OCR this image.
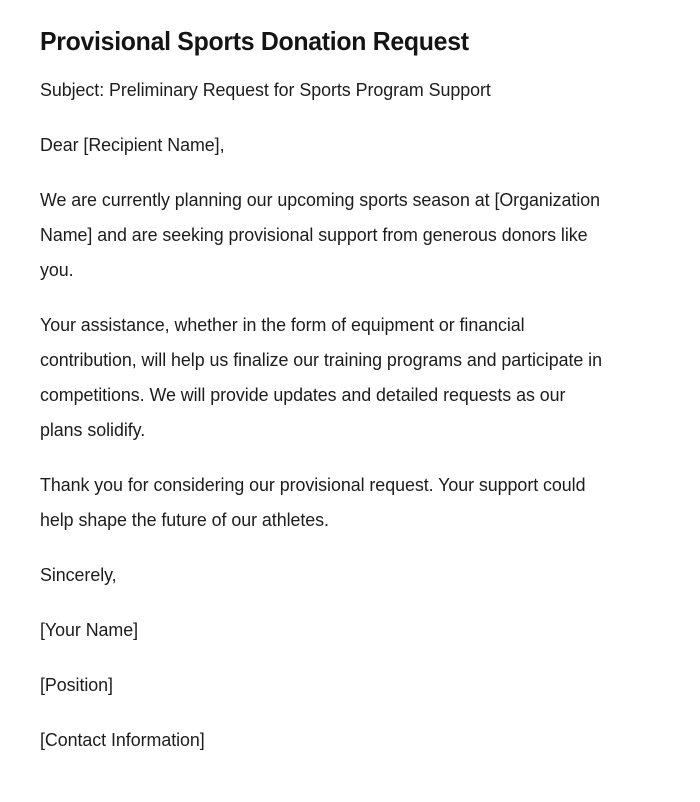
Provisional Sports Donation Request

Subject: Preliminary Request for Sports Program Support

Dear [Recipient Name],

We are currently planning our upcoming sports season at [Organization Name] and are seeking provisional support from generous donors like you.

Your assistance, whether in the form of equipment or financial contribution, will help us finalize our training programs and participate in competitions. We will provide updates and detailed requests as our plans solidify.

Thank you for considering our provisional request. Your support could help shape the future of our athletes.

Sincerely,

[Your Name]

[Position]

[Contact Information]
